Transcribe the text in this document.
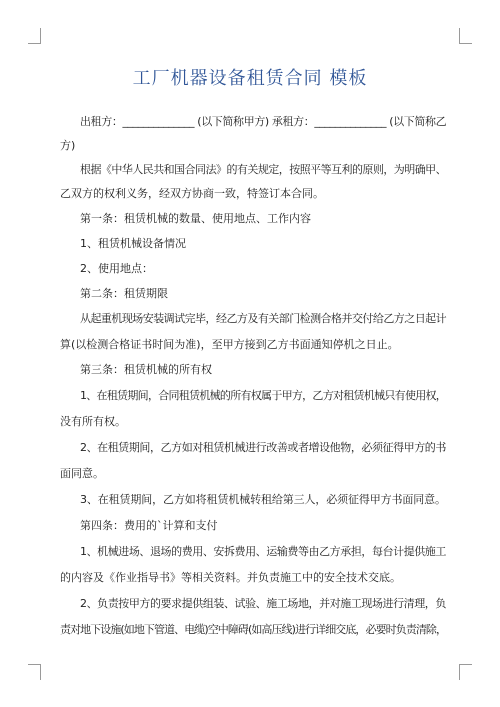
工厂机器设备租赁合同 模板
出租方：______________ (以下简称甲方) 承租方：______________ (以下简称乙
方)
根据《中华人民共和国合同法》的有关规定，按照平等互利的原则，为明确甲、
乙双方的权利义务，经双方协商一致，特签订本合同。
第一条：租赁机械的数量、使用地点、工作内容
1、租赁机械设备情况
2、使用地点：
第二条：租赁期限
从起重机现场安装调试完毕，经乙方及有关部门检测合格并交付给乙方之日起计
算(以检测合格证书时间为准)，至甲方接到乙方书面通知停机之日止。
第三条：租赁机械的所有权
1、在租赁期间，合同租赁机械的所有权属于甲方，乙方对租赁机械只有使用权，
没有所有权。
2、在租赁期间，乙方如对租赁机械进行改善或者增设他物，必须征得甲方的书
面同意。
3、在租赁期间，乙方如将租赁机械转租给第三人，必须征得甲方书面同意。
第四条：费用的`计算和支付
1、机械进场、退场的费用、安拆费用、运输费等由乙方承担，每台计提供施工
的内容及《作业指导书》等相关资料。并负责施工中的安全技术交底。
2、负责按甲方的要求提供组装、试验、施工场地，并对施工现场进行清理，负
责对地下设施(如地下管道、电缆)空中障碍(如高压线)进行详细交底，必要时负责清除，
